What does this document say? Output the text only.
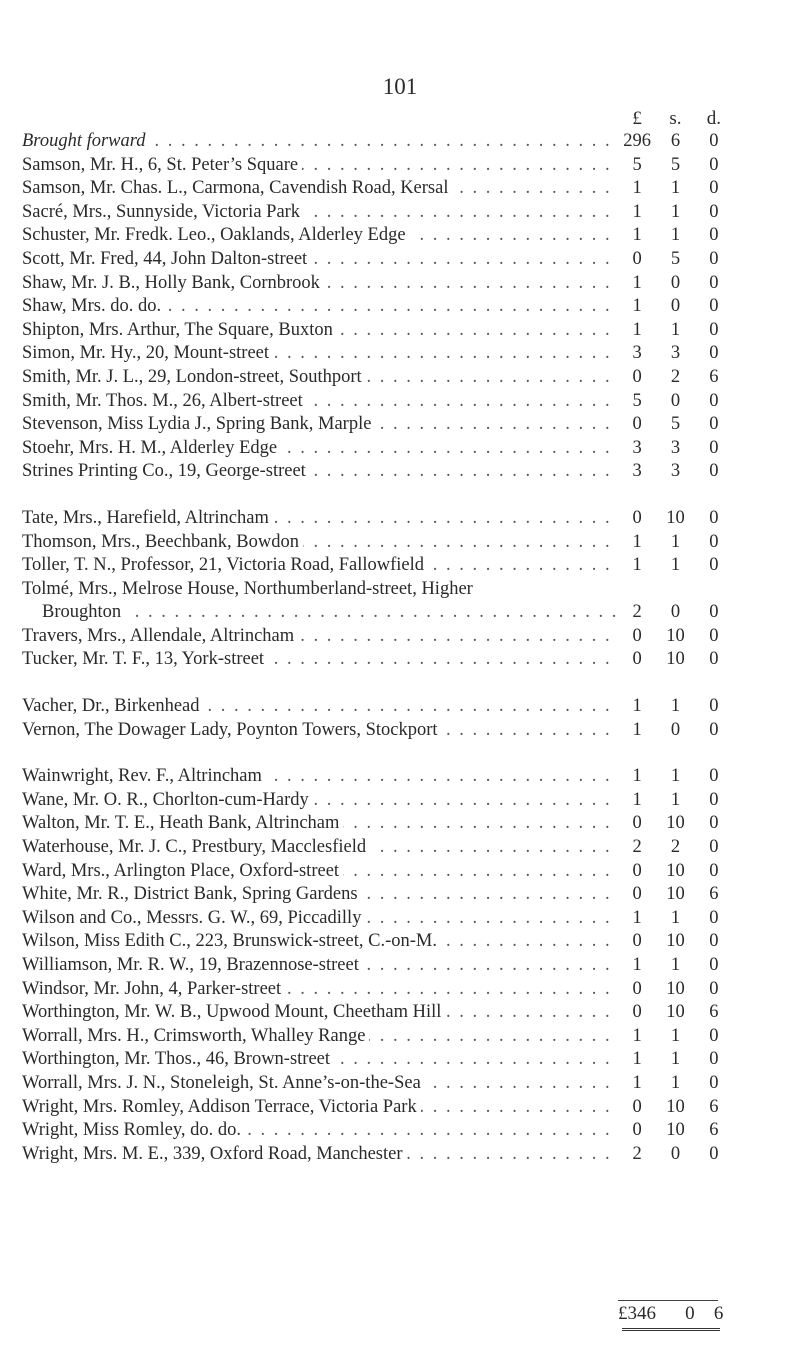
101
£	s.	d.
Brought forward . . .	296	6	0
Samson, Mr. H., 6, St. Peter’s Square . . .	5	5	0
Samson, Mr. Chas. L., Carmona, Cavendish Road, Kersal . . .	1	1	0
Sacré, Mrs., Sunnyside, Victoria Park . . .	1	1	0
Schuster, Mr. Fredk. Leo., Oaklands, Alderley Edge . . .	1	1	0
Scott, Mr. Fred, 44, John Dalton-street . . .	0	5	0
Shaw, Mr. J. B., Holly Bank, Cornbrook . . .	1	0	0
Shaw, Mrs. do. do. . . .	1	0	0
Shipton, Mrs. Arthur, The Square, Buxton . . .	1	1	0
Simon, Mr. Hy., 20, Mount-street . . .	3	3	0
Smith, Mr. J. L., 29, London-street, Southport . . .	0	2	6
Smith, Mr. Thos. M., 26, Albert-street . . .	5	0	0
Stevenson, Miss Lydia J., Spring Bank, Marple . . .	0	5	0
Stoehr, Mrs. H. M., Alderley Edge . . .	3	3	0
Strines Printing Co., 19, George-street . . .	3	3	0
Tate, Mrs., Harefield, Altrincham . . .	0	10	0
Thomson, Mrs., Beechbank, Bowdon . . .	1	1	0
Toller, T. N., Professor, 21, Victoria Road, Fallowfield . . .	1	1	0
Tolmé, Mrs., Melrose House, Northumberland-street, Higher
Broughton . . .	2	0	0
Travers, Mrs., Allendale, Altrincham . . .	0	10	0
Tucker, Mr. T. F., 13, York-street . . .	0	10	0
Vacher, Dr., Birkenhead . . .	1	1	0
Vernon, The Dowager Lady, Poynton Towers, Stockport . . .	1	0	0
Wainwright, Rev. F., Altrincham . . .	1	1	0
Wane, Mr. O. R., Chorlton-cum-Hardy . . .	1	1	0
Walton, Mr. T. E., Heath Bank, Altrincham . . .	0	10	0
Waterhouse, Mr. J. C., Prestbury, Macclesfield . . .	2	2	0
Ward, Mrs., Arlington Place, Oxford-street . . .	0	10	0
White, Mr. R., District Bank, Spring Gardens . . .	0	10	6
Wilson and Co., Messrs. G. W., 69, Piccadilly . . .	1	1	0
Wilson, Miss Edith C., 223, Brunswick-street, C.-on-M. . . .	0	10	0
Williamson, Mr. R. W., 19, Brazennose-street . . .	1	1	0
Windsor, Mr. John, 4, Parker-street . . .	0	10	0
Worthington, Mr. W. B., Upwood Mount, Cheetham Hill . . .	0	10	6
Worrall, Mrs. H., Crimsworth, Whalley Range . . .	1	1	0
Worthington, Mr. Thos., 46, Brown-street . . .	1	1	0
Worrall, Mrs. J. N., Stoneleigh, St. Anne’s-on-the-Sea . . .	1	1	0
Wright, Mrs. Romley, Addison Terrace, Victoria Park . . .	0	10	6
Wright, Miss Romley, do. do. . . .	0	10	6
Wright, Mrs. M. E., 339, Oxford Road, Manchester . . .	2	0	0
£346	0	6
